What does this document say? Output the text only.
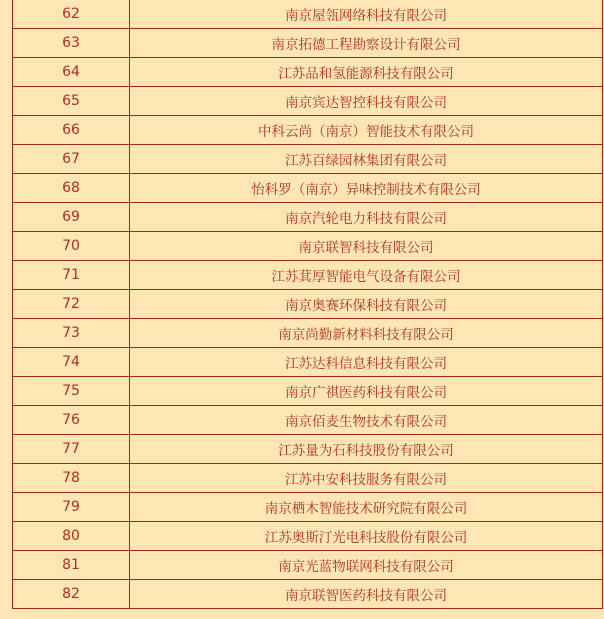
62	南京屋瓴网络科技有限公司
63	南京拓德工程勘察设计有限公司
64	江苏品和氢能源科技有限公司
65	南京宾达智控科技有限公司
66	中科云尚（南京）智能技术有限公司
67	江苏百绿园林集团有限公司
68	怡科罗（南京）异味控制技术有限公司
69	南京汽轮电力科技有限公司
70	南京联智科技有限公司
71	江苏萁厚智能电气设备有限公司
72	南京奥赛环保科技有限公司
73	南京尚勤新材料科技有限公司
74	江苏达科信息科技有限公司
75	南京广祺医药科技有限公司
76	南京佰麦生物技术有限公司
77	江苏量为石科技股份有限公司
78	江苏中安科技服务有限公司
79	南京栖木智能技术研究院有限公司
80	江苏奥斯汀光电科技股份有限公司
81	南京光蓝物联网科技有限公司
82	南京联智医药科技有限公司
